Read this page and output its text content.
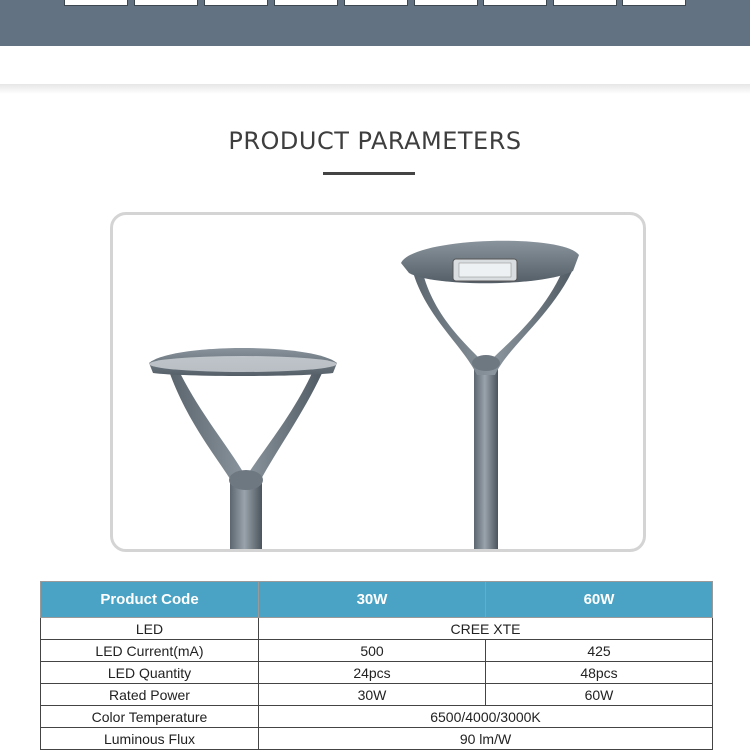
PRODUCT PARAMETERS
Product Code	30W	60W
LED	CREE XTE	
LED Current(mA)	500	425
LED Quantity	24pcs	48pcs
Rated Power	30W	60W
Color Temperature	6500/4000/3000K	
Luminous Flux	90 lm/W	
